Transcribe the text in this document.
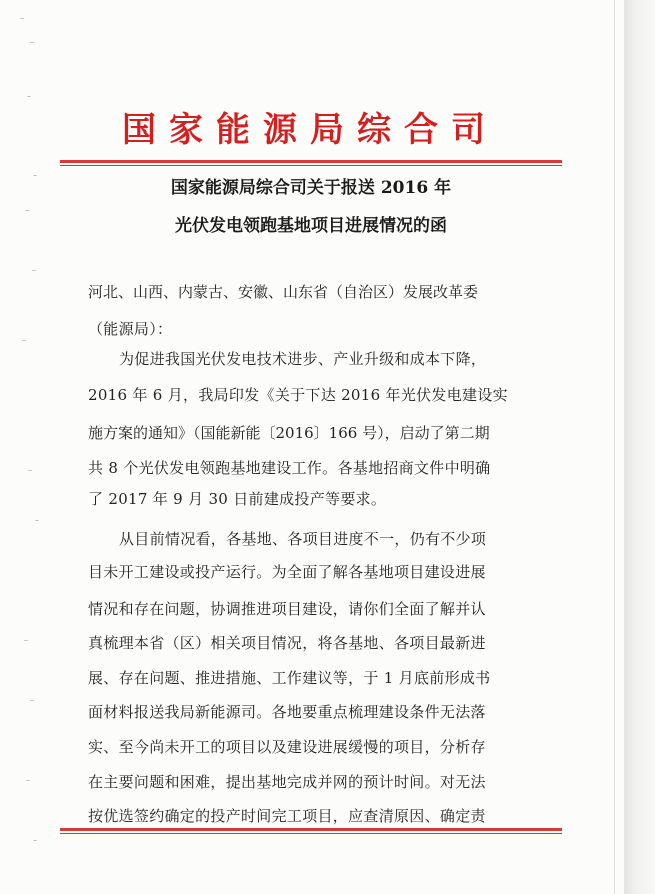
国家能源局综合司
国家能源局综合司关于报送 2016 年
光伏发电领跑基地项目进展情况的函
河北、山西、内蒙古、安徽、山东省（自治区）发展改革委
（能源局）：
为促进我国光伏发电技术进步、产业升级和成本下降，
2016 年 6 月，我局印发《关于下达 2016 年光伏发电建设实
施方案的通知》（国能新能〔2016〕166 号），启动了第二期
共 8 个光伏发电领跑基地建设工作。各基地招商文件中明确
了 2017 年 9 月 30 日前建成投产等要求。
从目前情况看，各基地、各项目进度不一，仍有不少项
目未开工建设或投产运行。为全面了解各基地项目建设进展
情况和存在问题，协调推进项目建设，请你们全面了解并认
真梳理本省（区）相关项目情况，将各基地、各项目最新进
展、存在问题、推进措施、工作建议等，于 1 月底前形成书
面材料报送我局新能源司。各地要重点梳理建设条件无法落
实、至今尚未开工的项目以及建设进展缓慢的项目，分析存
在主要问题和困难，提出基地完成并网的预计时间。对无法
按优选签约确定的投产时间完工项目，应查清原因、确定责
